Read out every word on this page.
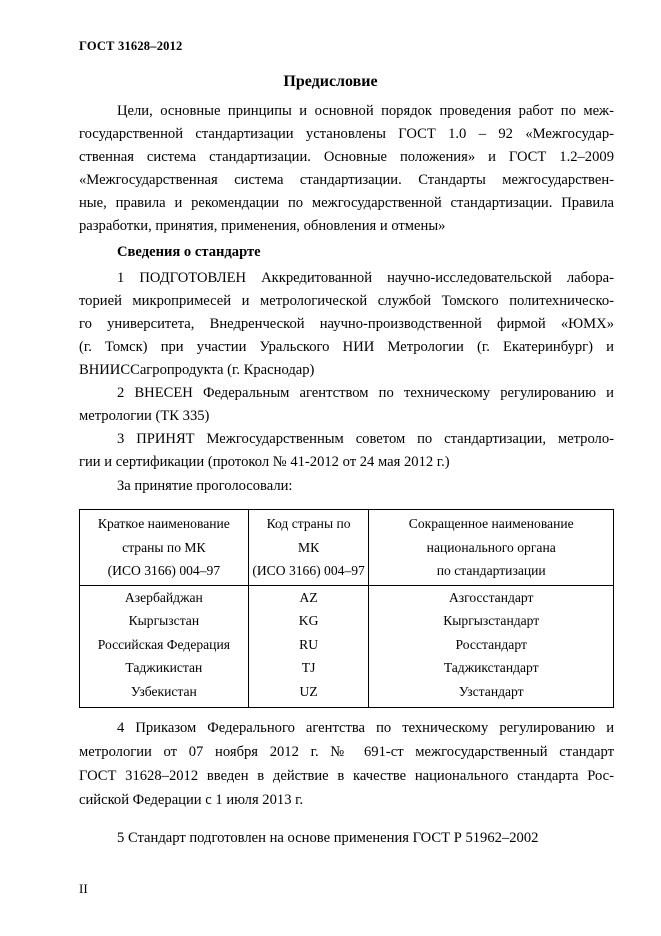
ГОСТ 31628–2012
Предисловие
Цели, основные принципы и основной порядок проведения работ по меж-
государственной стандартизации установлены ГОСТ 1.0 – 92 «Межгосудар-
ственная система стандартизации. Основные положения» и ГОСТ 1.2–2009
«Межгосударственная система стандартизации. Стандарты межгосударствен-
ные, правила и рекомендации по межгосударственной стандартизации. Правила
разработки, принятия, применения, обновления и отмены»
Сведения о стандарте
1 ПОДГОТОВЛЕН Аккредитованной научно-исследовательской лабора-
торией микропримесей и метрологической службой Томского политехническо-
го университета, Внедренческой научно-производственной фирмой «ЮМХ»
(г. Томск) при участии Уральского НИИ Метрологии (г. Екатеринбург) и
ВНИИССагропродукта (г. Краснодар)
2 ВНЕСЕН Федеральным агентством по техническому регулированию и
метрологии (ТК 335)
3 ПРИНЯТ Межгосударственным советом по стандартизации, метроло-
гии и сертификации (протокол № 41-2012 от 24 мая 2012 г.)
За принятие проголосовали:
Краткое наименование	Код страны по	Сокращенное наименование
страны по МК	МК	национального органа
(ИСО 3166) 004–97	(ИСО 3166) 004–97	по стандартизации
Азербайджан	AZ	Азгосстандарт
Кыргызстан	KG	Кыргызстандарт
Российская Федерация	RU	Росстандарт
Таджикистан	TJ	Таджикстандарт
Узбекистан	UZ	Узстандарт
4 Приказом Федерального агентства по техническому регулированию и
метрологии от 07 ноября 2012 г. № 691-ст межгосударственный стандарт
ГОСТ 31628–2012 введен в действие в качестве национального стандарта Рос-
сийской Федерации с 1 июля 2013 г.
5 Стандарт подготовлен на основе применения ГОСТ Р 51962–2002
II
